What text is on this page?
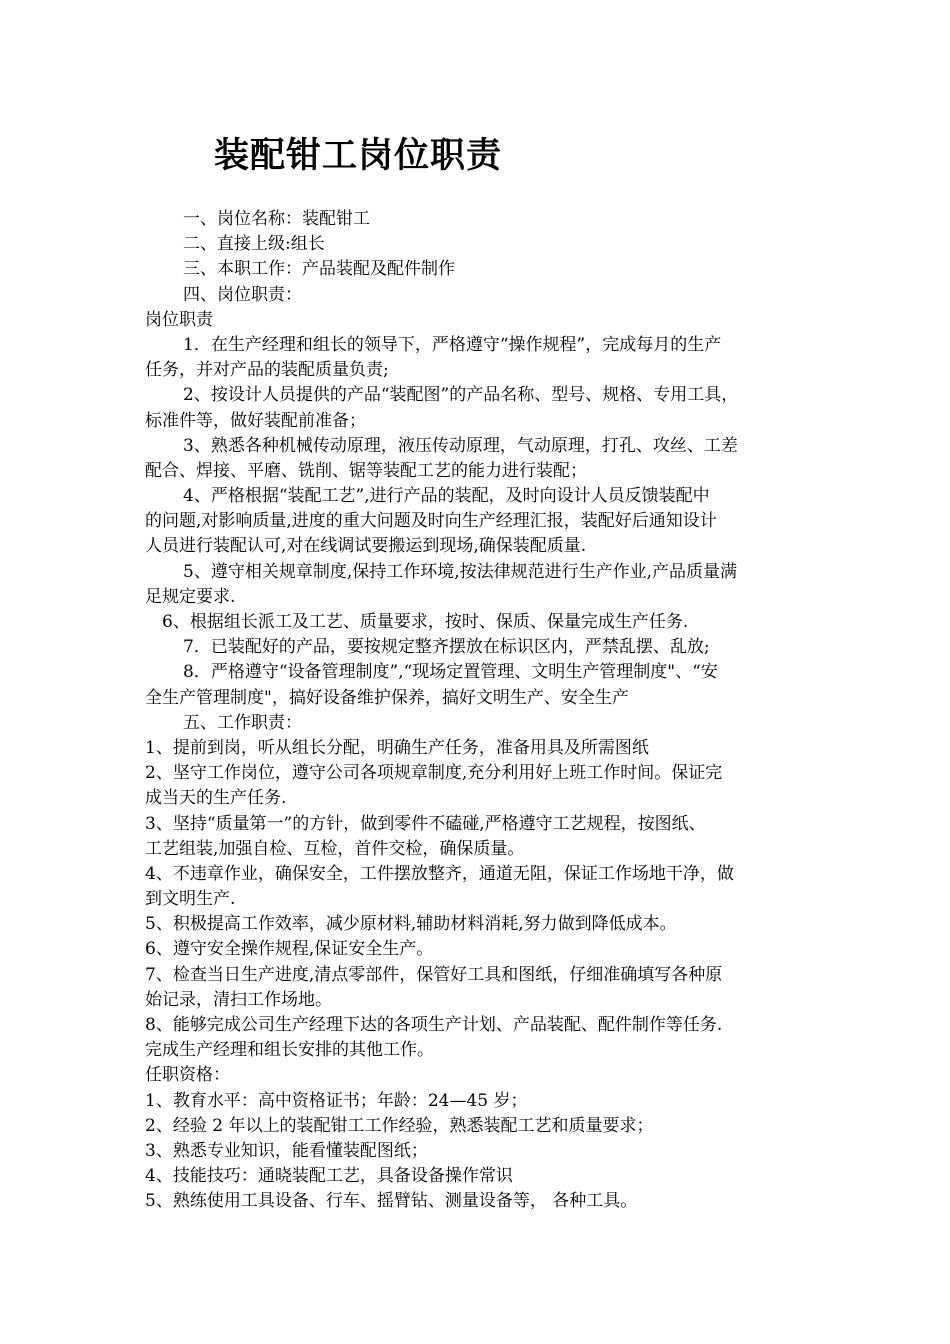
装配钳工岗位职责
一、岗位名称：装配钳工
二、直接上级:组长
三、本职工作：产品装配及配件制作
四、岗位职责：
岗位职责
1．在生产经理和组长的领导下，严格遵守“操作规程”，完成每月的生产
任务，并对产品的装配质量负责;
2、按设计人员提供的产品“装配图”的产品名称、型号、规格、专用工具，
标准件等，做好装配前准备；
3、熟悉各种机械传动原理，液压传动原理，气动原理，打孔、攻丝、工差
配合、焊接、平磨、铣削、锯等装配工艺的能力进行装配；
4、严格根据“装配工艺”,进行产品的装配，及时向设计人员反馈装配中
的问题,对影响质量,进度的重大问题及时向生产经理汇报，装配好后通知设计
人员进行装配认可,对在线调试要搬运到现场,确保装配质量.
5、遵守相关规章制度,保持工作环境,按法律规范进行生产作业,产品质量满
足规定要求.
6、根据组长派工及工艺、质量要求，按时、保质、保量完成生产任务.
7．已装配好的产品，要按规定整齐摆放在标识区内，严禁乱摆、乱放;
8．严格遵守“设备管理制度”,“现场定置管理、文明生产管理制度"、“安
全生产管理制度"，搞好设备维护保养，搞好文明生产、安全生产
五、工作职责：
1、提前到岗，听从组长分配，明确生产任务，准备用具及所需图纸
2、坚守工作岗位，遵守公司各项规章制度,充分利用好上班工作时间。保证完
成当天的生产任务.
3、坚持“质量第一”的方针，做到零件不磕碰,严格遵守工艺规程，按图纸、
工艺组装,加强自检、互检，首件交检，确保质量。
4、不违章作业，确保安全，工件摆放整齐，通道无阻，保证工作场地干净，做
到文明生产.
5、积极提高工作效率，减少原材料,辅助材料消耗,努力做到降低成本。
6、遵守安全操作规程,保证安全生产。
7、检查当日生产进度,清点零部件，保管好工具和图纸，仔细准确填写各种原
始记录，清扫工作场地。
8、能够完成公司生产经理下达的各项生产计划、产品装配、配件制作等任务.
完成生产经理和组长安排的其他工作。
任职资格：
1、教育水平：高中资格证书；年龄：24—45 岁；
2、经验 2 年以上的装配钳工工作经验，熟悉装配工艺和质量要求；
3、熟悉专业知识，能看懂装配图纸；
4、技能技巧：通晓装配工艺，具备设备操作常识
5、熟练使用工具设备、行车、摇臂钻、测量设备等， 各种工具。
